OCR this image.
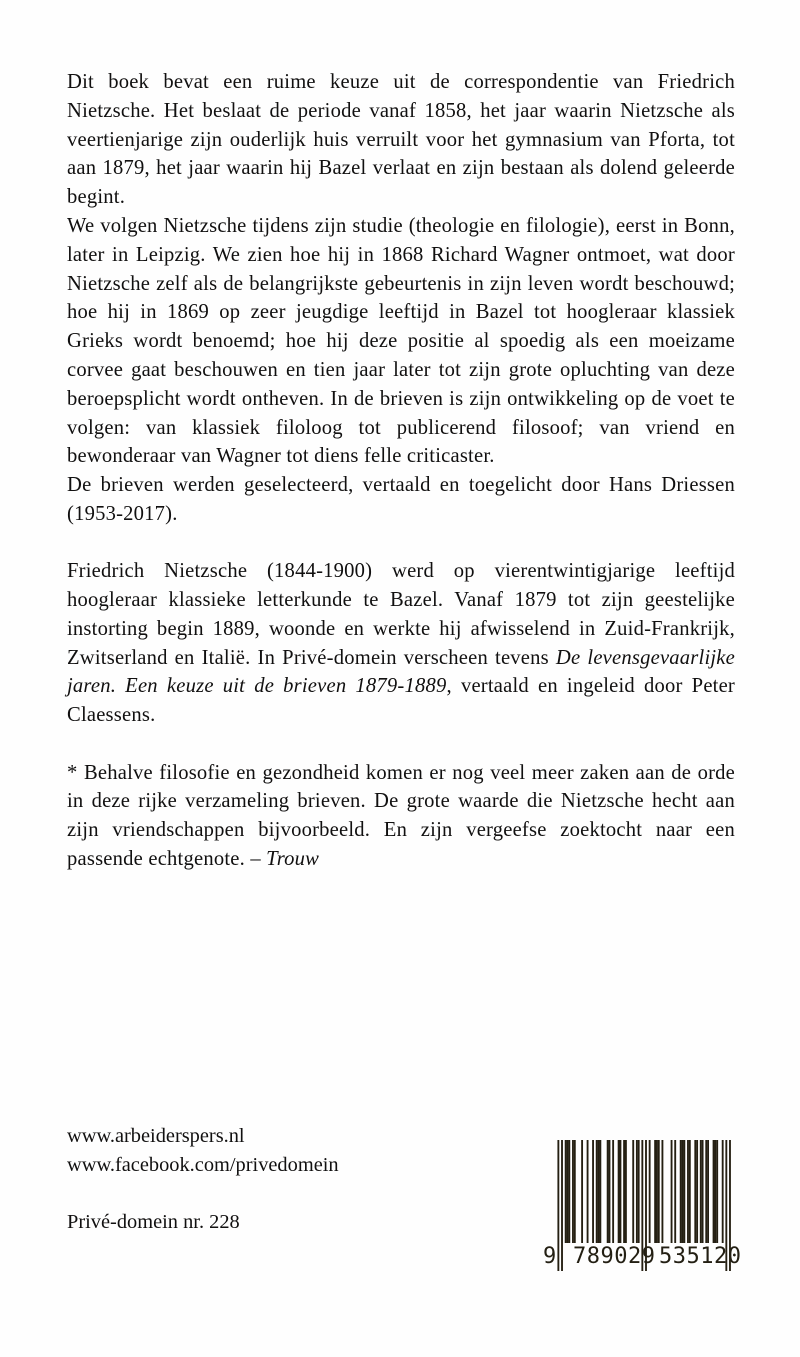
Dit boek bevat een ruime keuze uit de correspondentie van Friedrich Nietzsche. Het beslaat de periode vanaf 1858, het jaar waarin Nietzsche als veertienjarige zijn ouderlijk huis verruilt voor het gymnasium van Pforta, tot aan 1879, het jaar waarin hij Bazel verlaat en zijn bestaan als dolend geleerde begint.

We volgen Nietzsche tijdens zijn studie (theologie en filologie), eerst in Bonn, later in Leipzig. We zien hoe hij in 1868 Richard Wagner ontmoet, wat door Nietzsche zelf als de belangrijkste gebeurtenis in zijn leven wordt beschouwd; hoe hij in 1869 op zeer jeugdige leeftijd in Bazel tot hoogleraar klassiek Grieks wordt benoemd; hoe hij deze positie al spoedig als een moeizame corvee gaat beschouwen en tien jaar later tot zijn grote opluchting van deze beroepsplicht wordt ontheven. In de brieven is zijn ontwikkeling op de voet te volgen: van klassiek filoloog tot publicerend filosoof; van vriend en bewonderaar van Wagner tot diens felle criticaster.

De brieven werden geselecteerd, vertaald en toegelicht door Hans Driessen (1953-2017).

Friedrich Nietzsche (1844-1900) werd op vierentwintigjarige leeftijd hoogleraar klassieke letterkunde te Bazel. Vanaf 1879 tot zijn geestelijke instorting begin 1889, woonde en werkte hij afwisselend in Zuid-Frankrijk, Zwitserland en Italië. In Privé-domein verscheen tevens De levensgevaarlijke jaren. Een keuze uit de brieven 1879-1889, vertaald en ingeleid door Peter Claessens.

* Behalve filosofie en gezondheid komen er nog veel meer zaken aan de orde in deze rijke verzameling brieven. De grote waarde die Nietzsche hecht aan zijn vriendschappen bijvoorbeeld. En zijn vergeefse zoektocht naar een passende echtgenote. – Trouw

www.arbeiderspers.nl
www.facebook.com/privedomein
Privé-domein nr. 228
9 789029 535120
